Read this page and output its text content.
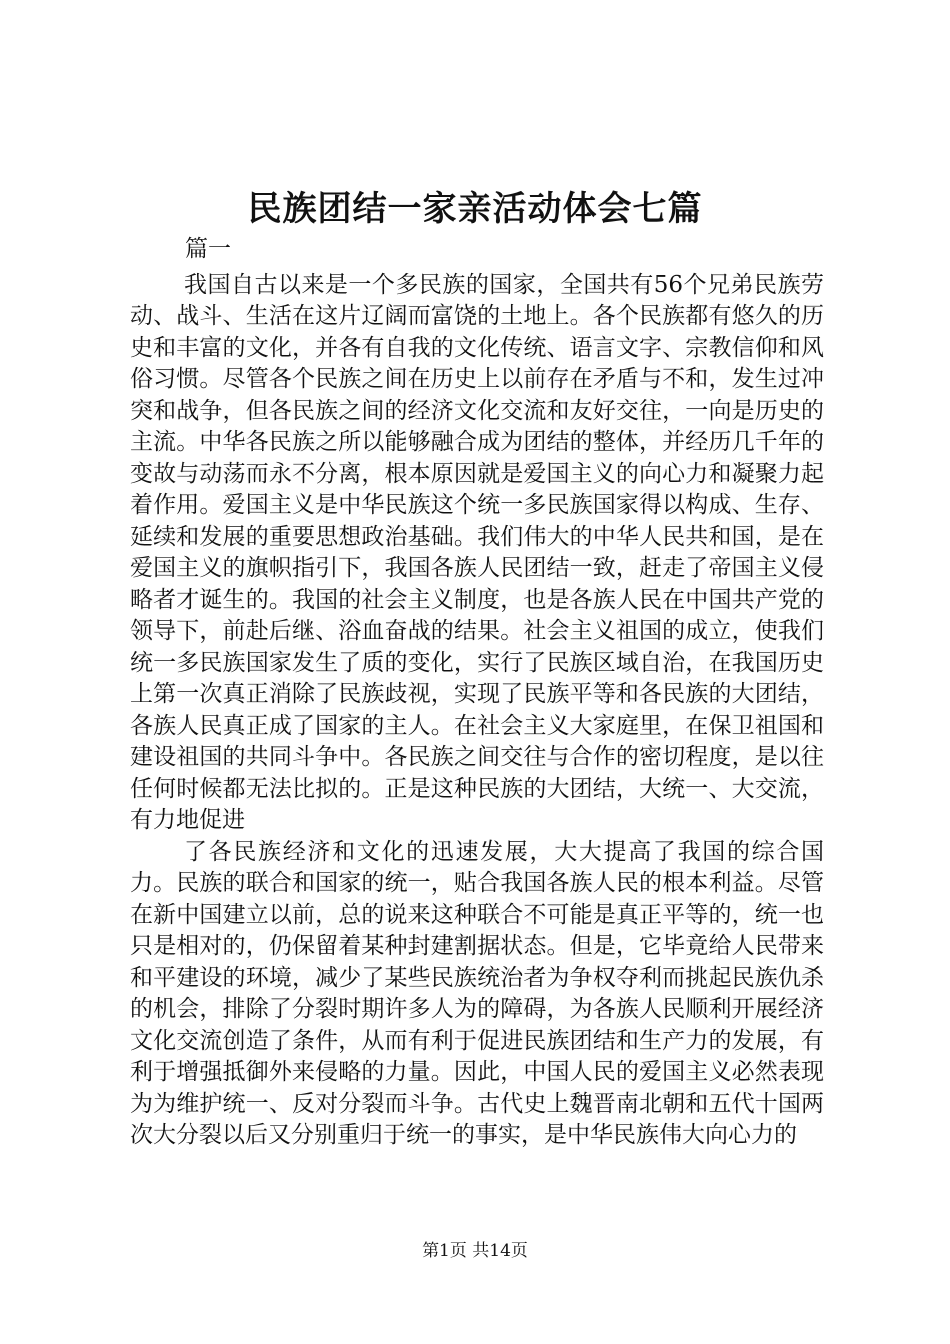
民族团结一家亲活动体会七篇

篇一

我国自古以来是一个多民族的国家，全国共有56个兄弟民族劳动、战斗、生活在这片辽阔而富饶的土地上。各个民族都有悠久的历史和丰富的文化，并各有自我的文化传统、语言文字、宗教信仰和风俗习惯。尽管各个民族之间在历史上以前存在矛盾与不和，发生过冲突和战争，但各民族之间的经济文化交流和友好交往，一向是历史的主流。中华各民族之所以能够融合成为团结的整体，并经历几千年的变故与动荡而永不分离，根本原因就是爱国主义的向心力和凝聚力起着作用。爱国主义是中华民族这个统一多民族国家得以构成、生存、延续和发展的重要思想政治基础。我们伟大的中华人民共和国，是在爱国主义的旗帜指引下，我国各族人民团结一致，赶走了帝国主义侵略者才诞生的。我国的社会主义制度，也是各族人民在中国共产党的领导下，前赴后继、浴血奋战的结果。社会主义祖国的成立，使我们统一多民族国家发生了质的变化，实行了民族区域自治，在我国历史上第一次真正消除了民族歧视，实现了民族平等和各民族的大团结，各族人民真正成了国家的主人。在社会主义大家庭里，在保卫祖国和建设祖国的共同斗争中。各民族之间交往与合作的密切程度，是以往任何时候都无法比拟的。正是这种民族的大团结，大统一、大交流，有力地促进

了各民族经济和文化的迅速发展，大大提高了我国的综合国力。民族的联合和国家的统一，贴合我国各族人民的根本利益。尽管在新中国建立以前，总的说来这种联合不可能是真正平等的，统一也只是相对的，仍保留着某种封建割据状态。但是，它毕竟给人民带来和平建设的环境，减少了某些民族统治者为争权夺利而挑起民族仇杀的机会，排除了分裂时期许多人为的障碍，为各族人民顺利开展经济文化交流创造了条件，从而有利于促进民族团结和生产力的发展，有利于增强抵御外来侵略的力量。因此，中国人民的爱国主义必然表现为为维护统一、反对分裂而斗争。古代史上魏晋南北朝和五代十国两次大分裂以后又分别重归于统一的事实，是中华民族伟大向心力的

第1页 共14页
